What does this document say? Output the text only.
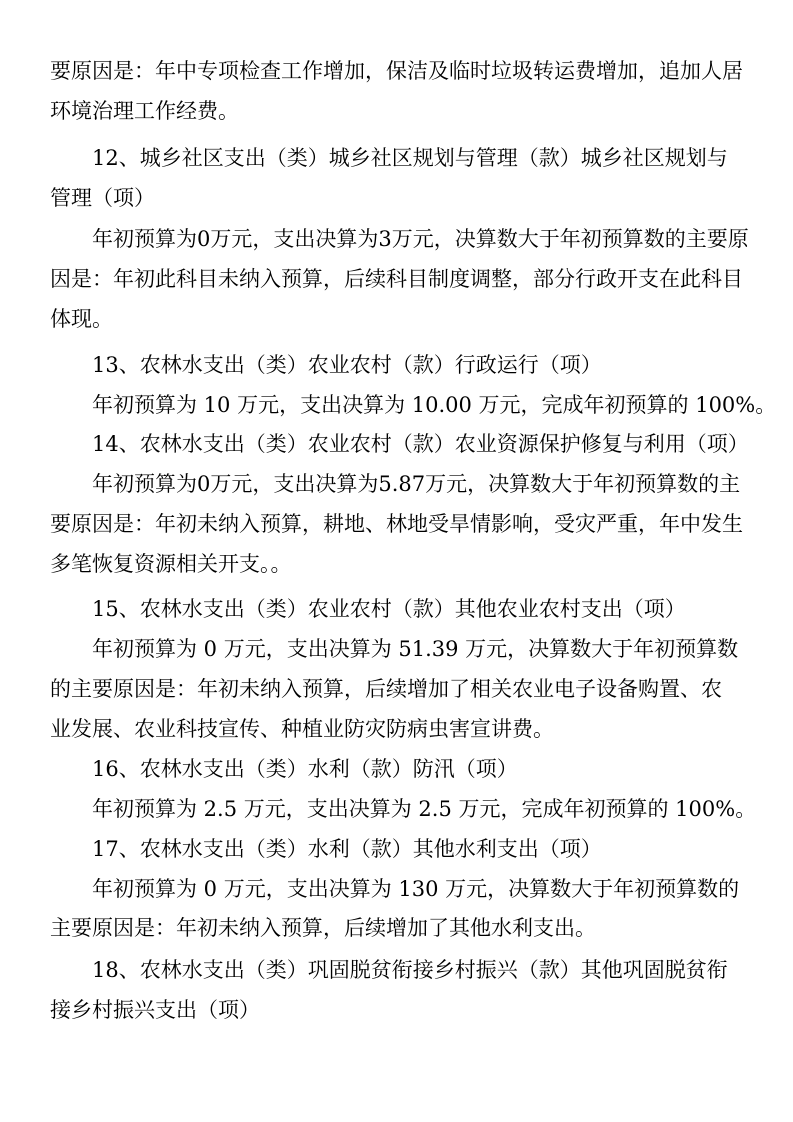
要原因是：年中专项检查工作增加，保洁及临时垃圾转运费增加，追加人居
环境治理工作经费。
12、城乡社区支出（类）城乡社区规划与管理（款）城乡社区规划与
管理（项）
年初预算为0万元，支出决算为3万元，决算数大于年初预算数的主要原
因是：年初此科目未纳入预算，后续科目制度调整，部分行政开支在此科目
体现。
13、农林水支出（类）农业农村（款）行政运行（项）
年初预算为 10 万元，支出决算为 10.00 万元，完成年初预算的 100%。
14、农林水支出（类）农业农村（款）农业资源保护修复与利用（项）
年初预算为0万元，支出决算为5.87万元，决算数大于年初预算数的主
要原因是：年初未纳入预算，耕地、林地受旱情影响，受灾严重，年中发生
多笔恢复资源相关开支。。
15、农林水支出（类）农业农村（款）其他农业农村支出（项）
年初预算为 0 万元，支出决算为 51.39 万元，决算数大于年初预算数
的主要原因是：年初未纳入预算，后续增加了相关农业电子设备购置、农
业发展、农业科技宣传、种植业防灾防病虫害宣讲费。
16、农林水支出（类）水利（款）防汛（项）
年初预算为 2.5 万元，支出决算为 2.5 万元，完成年初预算的 100%。
17、农林水支出（类）水利（款）其他水利支出（项）
年初预算为 0 万元，支出决算为 130 万元，决算数大于年初预算数的
主要原因是：年初未纳入预算，后续增加了其他水利支出。
18、农林水支出（类）巩固脱贫衔接乡村振兴（款）其他巩固脱贫衔
接乡村振兴支出（项）
